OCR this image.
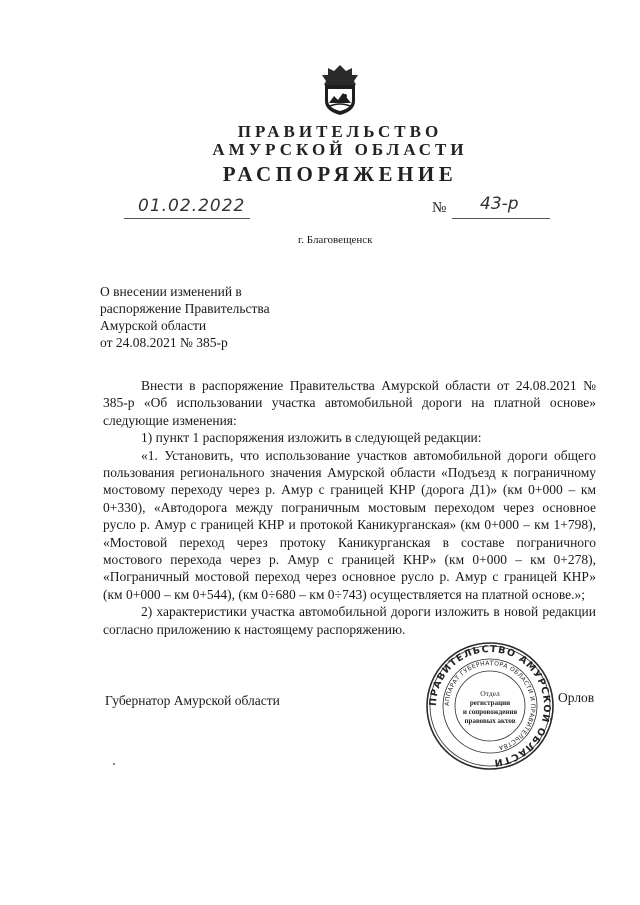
ПРАВИТЕЛЬСТВО
АМУРСКОЙ ОБЛАСТИ
РАСПОРЯЖЕНИЕ
01.02.2022	№ 43-р
г. Благовещенск
О внесении изменений в
распоряжение Правительства
Амурской области
от 24.08.2021 № 385-р

Внести в распоряжение Правительства Амурской области от 24.08.2021 № 385-р «Об использовании участка автомобильной дороги на платной основе» следующие изменения:

1) пункт 1 распоряжения изложить в следующей редакции:

«1. Установить, что использование участков автомобильной дороги общего пользования регионального значения Амурской области «Подъезд к пограничному мостовому переходу через р. Амур с границей КНР (дорога Д1)» (км 0+000 – км 0+330), «Автодорога между пограничным мостовым переходом через основное русло р. Амур с границей КНР и протокой Каникурганская» (км 0+000 – км 1+798), «Мостовой переход через протоку Каникурганская в составе пограничного мостового перехода через р. Амур с границей КНР» (км 0+000 – км 0+278), «Пограничный мостовой переход через основное русло р. Амур с границей КНР» (км 0+000 – км 0+544), (км 0÷680 – км 0÷743) осуществляется на платной основе.»;

2) характеристики участка автомобильной дороги изложить в новой редакции согласно приложению к настоящему распоряжению.

Губернатор Амурской области	ПРАВИТЕЛЬСТВО АМУРСКОЙ ОБЛАСТИ
АППАРАТ ГУБЕРНАТОРА ОБЛАСТИ И ПРАВИТЕЛЬСТВА
Отдел
регистрации
и сопровождения
правовых актов
Орлов
